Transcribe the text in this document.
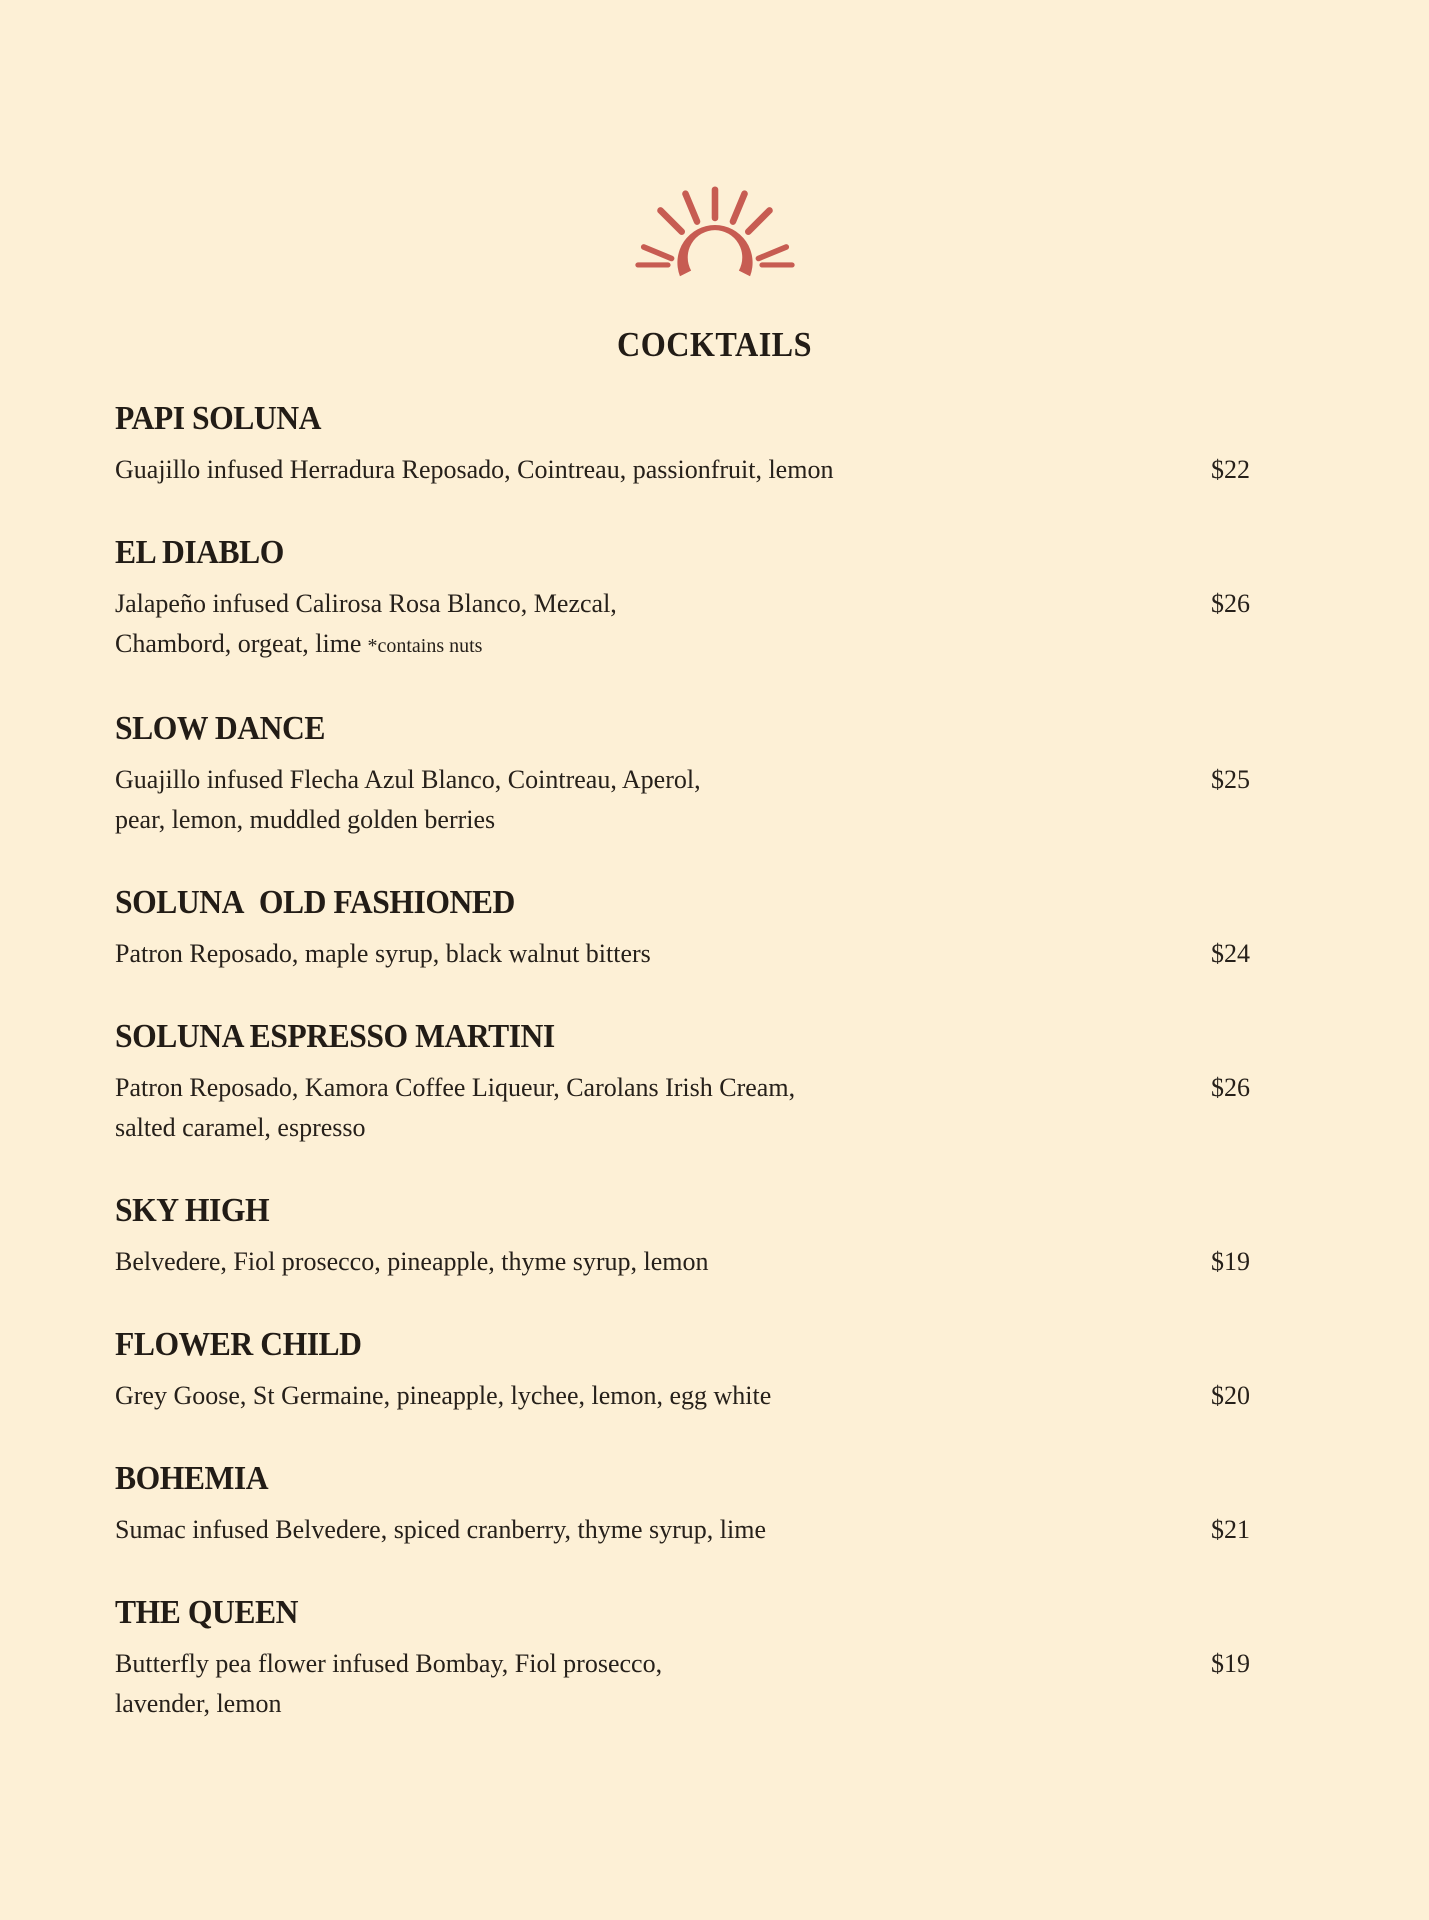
COCKTAILS
PAPI SOLUNA
Guajillo infused Herradura Reposado, Cointreau, passionfruit, lemon	$22
EL DIABLO
Jalapeño infused Calirosa Rosa Blanco, Mezcal,
Chambord, orgeat, lime *contains nuts
$26
SLOW DANCE
Guajillo infused Flecha Azul Blanco, Cointreau, Aperol,
pear, lemon, muddled golden berries
$25
SOLUNA  OLD FASHIONED
Patron Reposado, maple syrup, black walnut bitters	$24
SOLUNA ESPRESSO MARTINI
Patron Reposado, Kamora Coffee Liqueur, Carolans Irish Cream,
salted caramel, espresso
$26
SKY HIGH
Belvedere, Fiol prosecco, pineapple, thyme syrup, lemon	$19
FLOWER CHILD
Grey Goose, St Germaine, pineapple, lychee, lemon, egg white	$20
BOHEMIA
Sumac infused Belvedere, spiced cranberry, thyme syrup, lime	$21
THE QUEEN
Butterfly pea flower infused Bombay, Fiol prosecco,
lavender, lemon
$19
